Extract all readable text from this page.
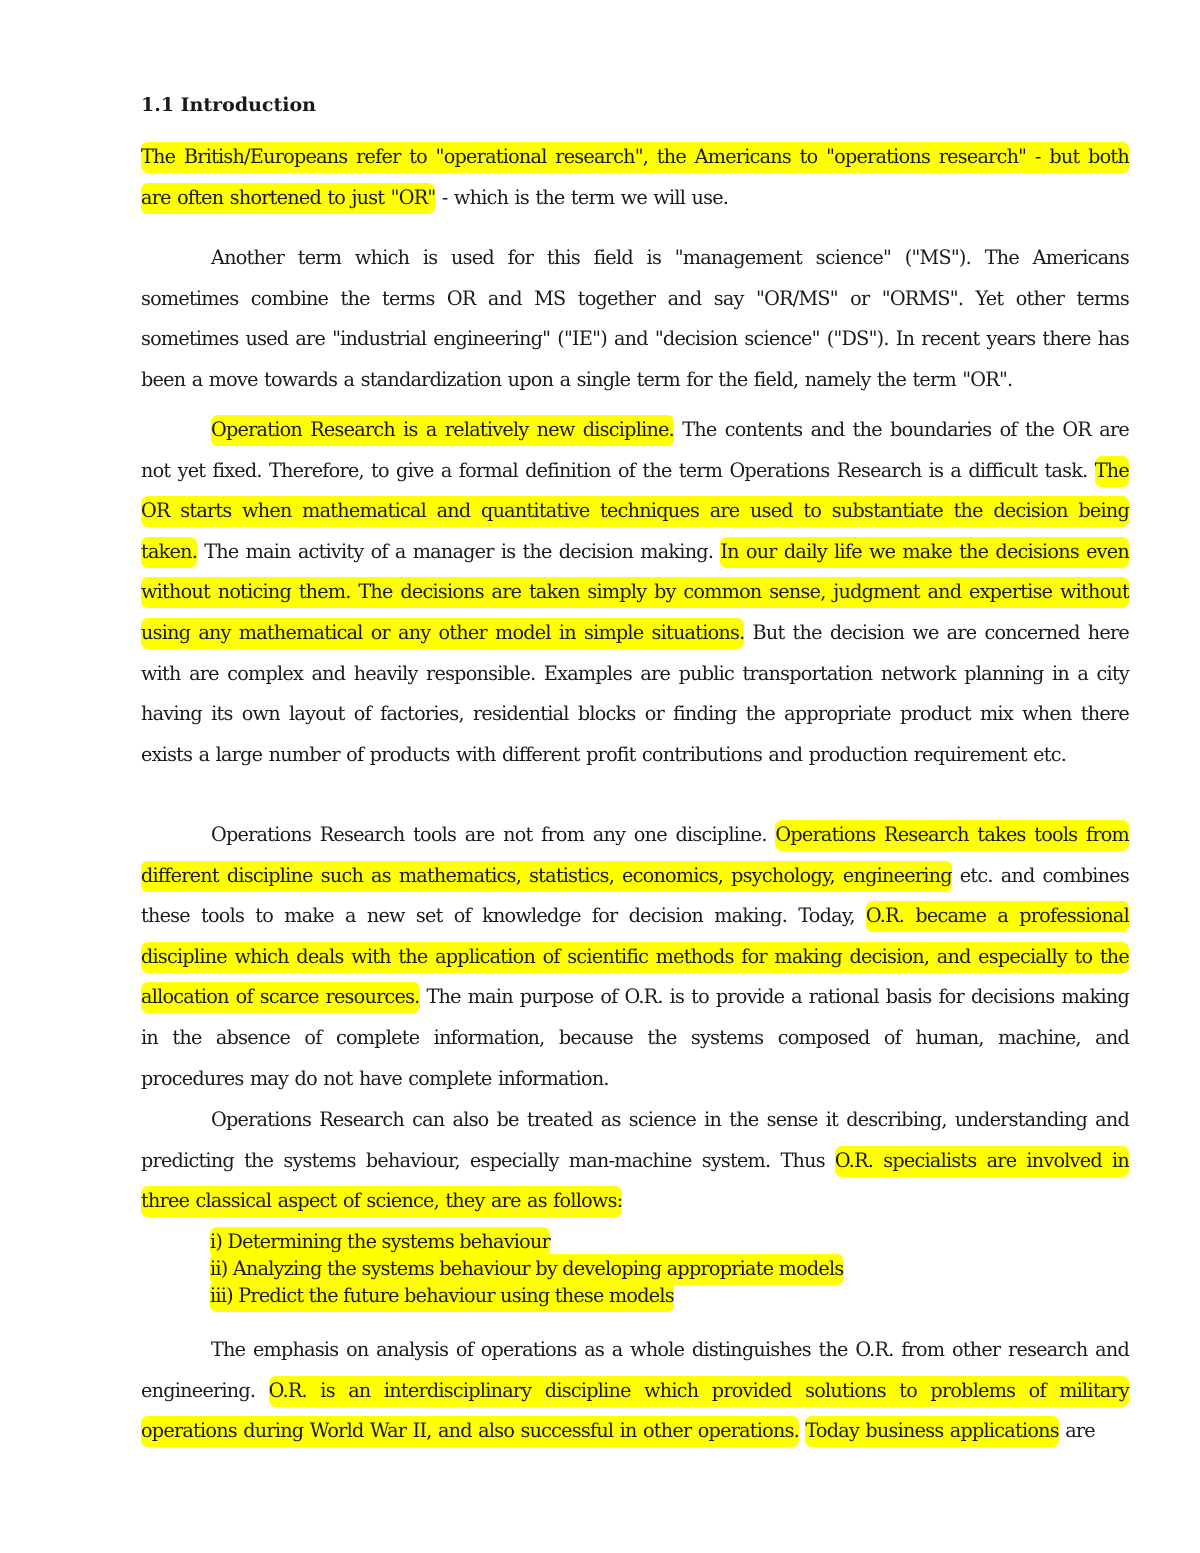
1.1 Introduction

The British/Europeans refer to "operational research", the Americans to "operations research" - but both are often shortened to just "OR" - which is the term we will use.

Another term which is used for this field is "management science" ("MS"). The Americans sometimes combine the terms OR and MS together and say "OR/MS" or "ORMS". Yet other terms sometimes used are "industrial engineering" ("IE") and "decision science" ("DS"). In recent years there has been a move towards a standardization upon a single term for the field, namely the term "OR".

Operation Research is a relatively new discipline. The contents and the boundaries of the OR are not yet fixed. Therefore, to give a formal definition of the term Operations Research is a difficult task. The OR starts when mathematical and quantitative techniques are used to substantiate the decision being taken. The main activity of a manager is the decision making. In our daily life we make the decisions even without noticing them. The decisions are taken simply by common sense, judgment and expertise without using any mathematical or any other model in simple situations. But the decision we are concerned here with are complex and heavily responsible. Examples are public transportation network planning in a city having its own layout of factories, residential blocks or finding the appropriate product mix when there exists a large number of products with different profit contributions and production requirement etc.

Operations Research tools are not from any one discipline. Operations Research takes tools from different discipline such as mathematics, statistics, economics, psychology, engineering etc. and combines these tools to make a new set of knowledge for decision making. Today, O.R. became a professional discipline which deals with the application of scientific methods for making decision, and especially to the allocation of scarce resources. The main purpose of O.R. is to provide a rational basis for decisions making in the absence of complete information, because the systems composed of human, machine, and procedures may do not have complete information.

Operations Research can also be treated as science in the sense it describing, understanding and predicting the systems behaviour, especially man-machine system. Thus O.R. specialists are involved in three classical aspect of science, they are as follows:

i) Determining the systems behaviour
ii) Analyzing the systems behaviour by developing appropriate models
iii) Predict the future behaviour using these models

The emphasis on analysis of operations as a whole distinguishes the O.R. from other research and engineering. O.R. is an interdisciplinary discipline which provided solutions to problems of military operations during World War II, and also successful in other operations. Today business applications are
